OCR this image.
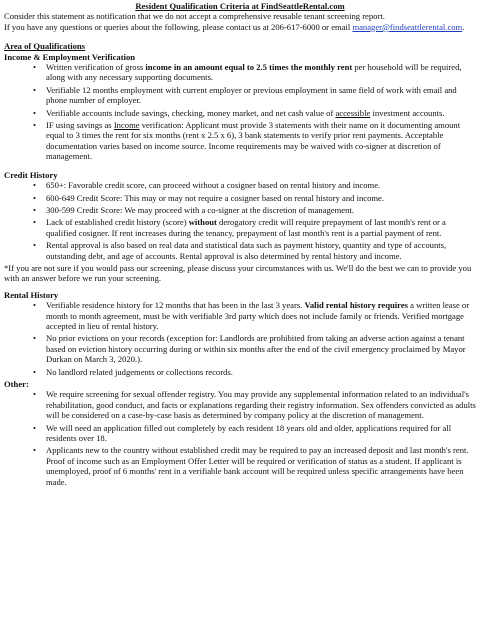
Resident Qualification Criteria at FindSeattleRental.com

Consider this statement as notification that we do not accept a comprehensive reusable tenant screening report.

If you have any questions or queries about the following, please contact us at 206-617-6000 or email manager@findseattlerental.com.

Area of Qualifications
Income & Employment Verification
• Written verification of gross income in an amount equal to 2.5 times the monthly rent per household will be required, along with any necessary supporting documents.
• Verifiable 12 months employment with current employer or previous employment in same field of work with email and phone number of employer.
• Verifiable accounts include savings, checking, money market, and net cash value of accessible investment accounts.
• IF using savings as Income verification: Applicant must provide 3 statements with their name on it documenting amount equal to 3 times the rent for six months (rent x 2.5 x 6), 3 bank statements to verify prior rent payments. Acceptable documentation varies based on income source. Income requirements may be waived with co-signer at discretion of management.
Credit History
• 650+: Favorable credit score, can proceed without a cosigner based on rental history and income.
• 600-649 Credit Score: This may or may not require a cosigner based on rental history and income.
• 300-599 Credit Score: We may proceed with a co-signer at the discretion of management.
• Lack of established credit history (score) without derogatory credit will require prepayment of last month's rent or a qualified cosigner. If rent increases during the tenancy, prepayment of last month's rent is a partial payment of rent.
• Rental approval is also based on real data and statistical data such as payment history, quantity and type of accounts, outstanding debt, and age of accounts. Rental approval is also determined by rental history and income.

*If you are not sure if you would pass our screening, please discuss your circumstances with us. We'll do the best we can to provide you with an answer before we run your screening.

Rental History
• Verifiable residence history for 12 months that has been in the last 3 years. Valid rental history requires a written lease or month to month agreement, must be with verifiable 3rd party which does not include family or friends. Verified mortgage accepted in lieu of rental history.
• No prior evictions on your records (exception for: Landlords are prohibited from taking an adverse action against a tenant based on eviction history occurring during or within six months after the end of the civil emergency proclaimed by Mayor Durkan on March 3, 2020.).
• No landlord related judgements or collections records.
Other:
• We require screening for sexual offender registry. You may provide any supplemental information related to an individual's rehabilitation, good conduct, and facts or explanations regarding their registry information. Sex offenders convicted as adults will be considered on a case-by-case basis as determined by company policy at the discretion of management.
• We will need an application filled out completely by each resident 18 years old and older, applications required for all residents over 18.
• Applicants new to the country without established credit may be required to pay an increased deposit and last month's rent. Proof of income such as an Employment Offer Letter will be required or verification of status as a student. If applicant is unemployed, proof of 6 months' rent in a verifiable bank account will be required unless specific arrangements have been made.
